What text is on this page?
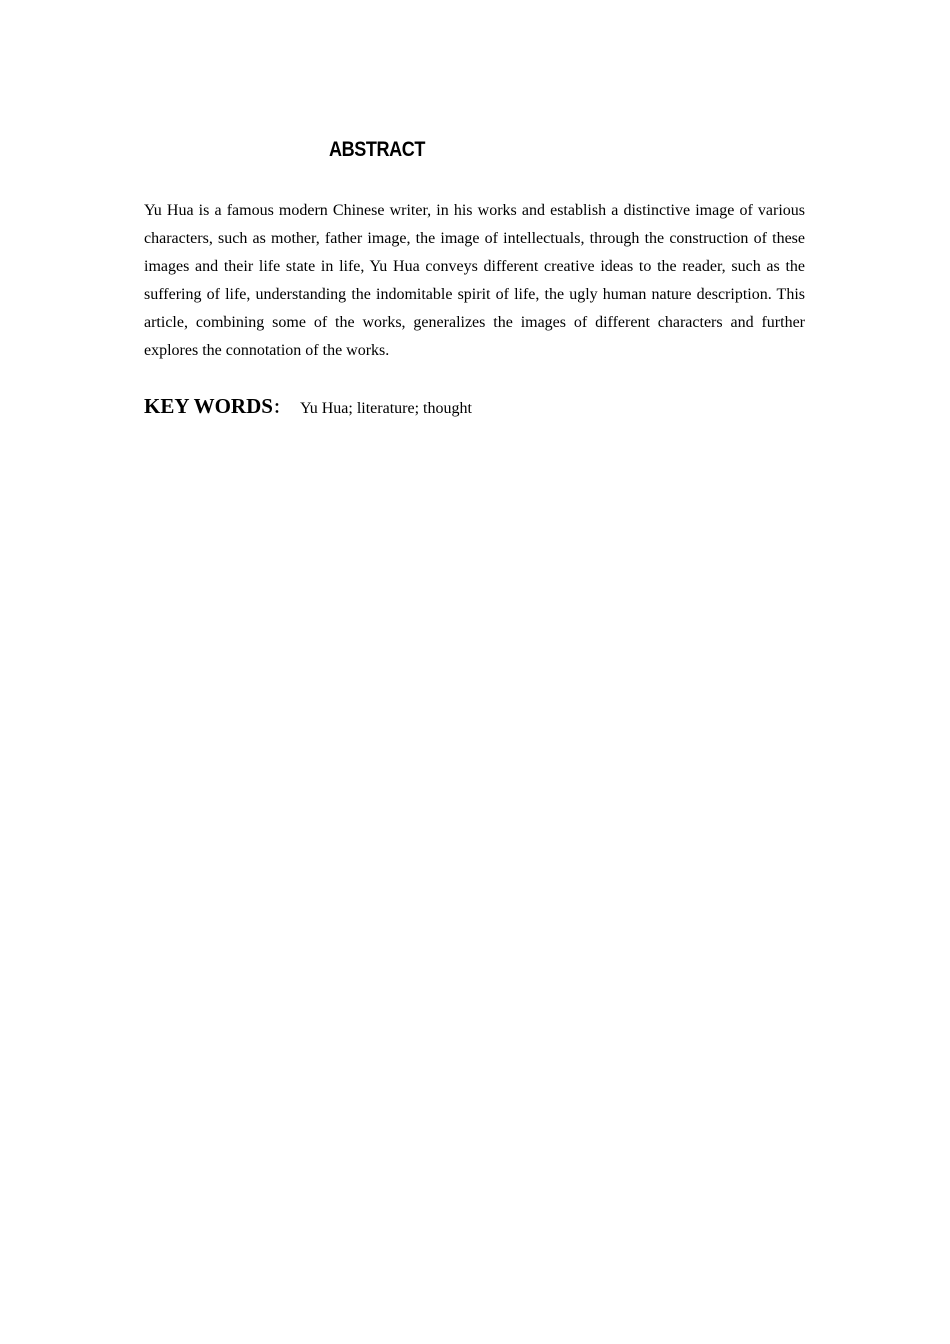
ABSTRACT

Yu Hua is a famous modern Chinese writer, in his works and establish a distinctive image of various characters, such as mother, father image, the image of intellectuals, through the construction of these images and their life state in life, Yu Hua conveys different creative ideas to the reader, such as the suffering of life, understanding the indomitable spirit of life, the ugly human nature description. This article, combining some of the works, generalizes the images of different characters and further explores the connotation of the works.

KEY WORDS： Yu Hua; literature; thought
